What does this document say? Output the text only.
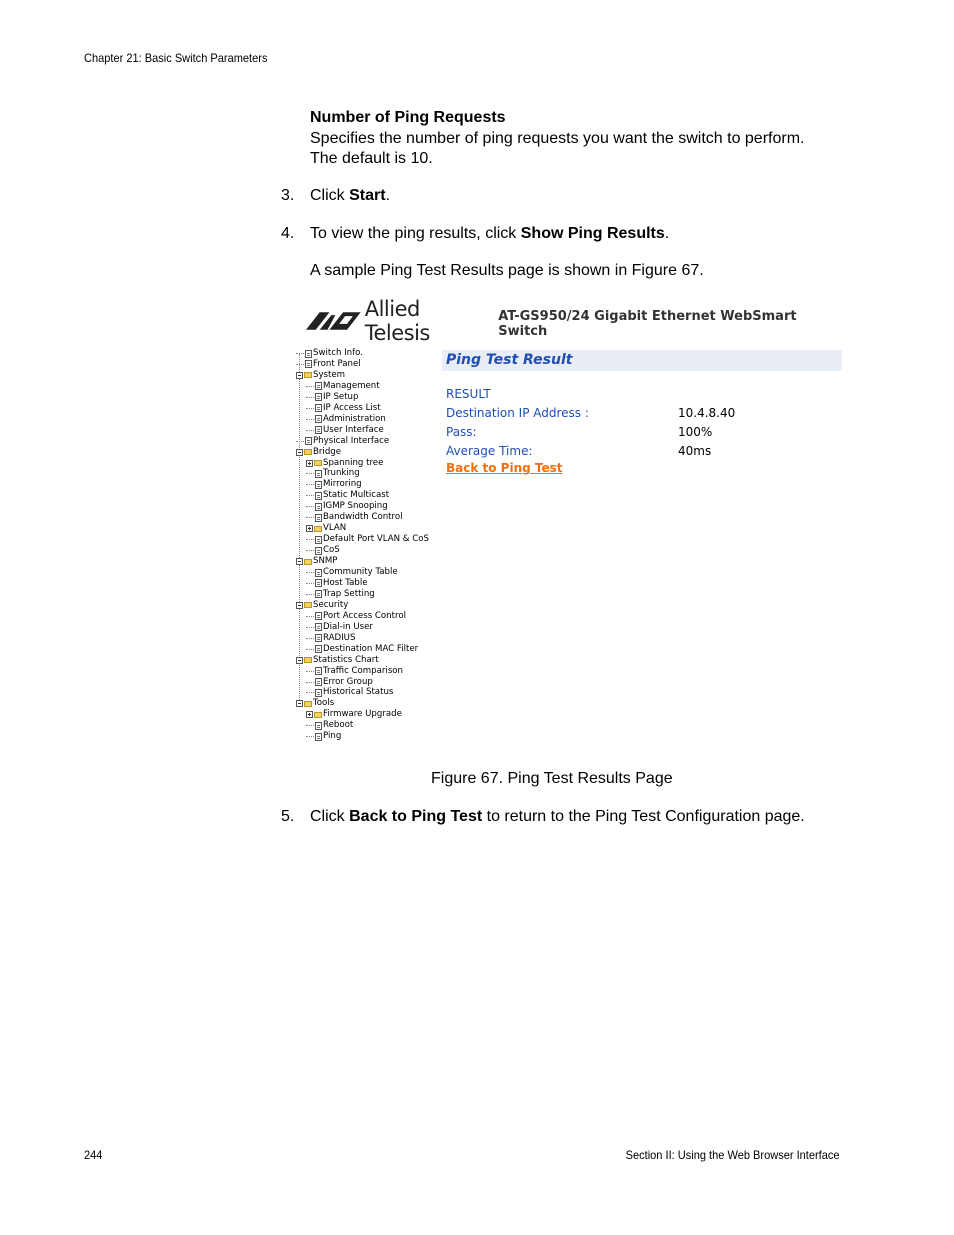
Chapter 21: Basic Switch Parameters
Number of Ping Requests
Specifies the number of ping requests you want the switch to perform.
The default is 10.
3. Click Start.
4. To view the ping results, click Show Ping Results.
A sample Ping Test Results page is shown in Figure 67.
Allied Telesis
AT-GS950/24 Gigabit Ethernet WebSmart Switch
Switch Info.
Front Panel
System
Management
IP Setup
IP Access List
Administration
User Interface
Physical Interface
Bridge
Spanning tree
Trunking
Mirroring
Static Multicast
IGMP Snooping
Bandwidth Control
VLAN
Default Port VLAN & CoS
CoS
SNMP
Community Table
Host Table
Trap Setting
Security
Port Access Control
Dial-in User
RADIUS
Destination MAC Filter
Statistics Chart
Traffic Comparison
Error Group
Historical Status
Tools
Firmware Upgrade
Reboot
Ping
Ping Test Result
RESULT
Destination IP Address :	10.4.8.40
Pass:	100%
Average Time:	40ms
Back to Ping Test
Figure 67. Ping Test Results Page
5. Click Back to Ping Test to return to the Ping Test Configuration page.
244	Section II: Using the Web Browser Interface
